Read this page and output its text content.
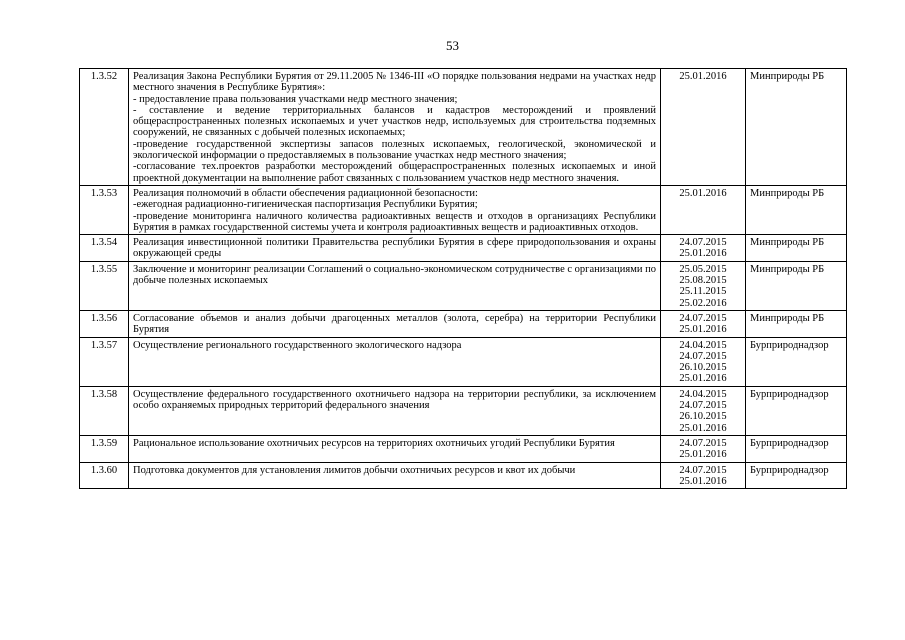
53
1.3.52	Реализация Закона Республики Бурятия от 29.11.2005 № 1346-III «О порядке пользования недрами на участках недр местного значения в Республике Бурятия»:
- предоставление права пользования участками недр местного значения;
- составление и ведение территориальных балансов и кадастров месторождений и проявлений общераспространенных полезных ископаемых и учет участков недр, используемых для строительства подземных сооружений, не связанных с добычей полезных ископаемых;
-проведение государственной экспертизы запасов полезных ископаемых, геологической, экономической и экологической информации о предоставляемых в пользование участках недр местного значения;
-согласование тех.проектов разработки месторождений общераспространенных полезных ископаемых и иной проектной документации на выполнение работ связанных с пользованием участков недр местного значения.	25.01.2016	Минприроды РБ
1.3.53	Реализация полномочий в области обеспечения радиационной безопасности:
-ежегодная радиационно-гигиеническая паспортизация Республики Бурятия;
-проведение мониторинга наличного количества радиоактивных веществ и отходов в организациях Республики Бурятия в рамках государственной системы учета и контроля радиоактивных веществ и радиоактивных отходов.	25.01.2016	Минприроды РБ
1.3.54	Реализация инвестиционной политики Правительства республики Бурятия в сфере природопользования и охраны окружающей среды	24.07.2015
25.01.2016	Минприроды РБ
1.3.55	Заключение и мониторинг реализации Соглашений о социально-экономическом сотрудничестве с организациями по добыче полезных ископаемых	25.05.2015
25.08.2015
25.11.2015
25.02.2016	Минприроды РБ
1.3.56	Согласование объемов и анализ добычи драгоценных металлов (золота, серебра) на территории Республики Бурятия	24.07.2015
25.01.2016	Минприроды РБ
1.3.57	Осуществление регионального государственного экологического надзора	24.04.2015
24.07.2015
26.10.2015
25.01.2016	Бурприроднадзор
1.3.58	Осуществление федерального государственного охотничьего надзора на территории республики, за исключением особо охраняемых природных территорий федерального значения	24.04.2015
24.07.2015
26.10.2015
25.01.2016	Бурприроднадзор
1.3.59	Рациональное использование охотничьих ресурсов на территориях охотничьих угодий Республики Бурятия	24.07.2015
25.01.2016	Бурприроднадзор
1.3.60	Подготовка документов для установления лимитов добычи охотничьих ресурсов и квот их добычи	24.07.2015
25.01.2016	Бурприроднадзор
